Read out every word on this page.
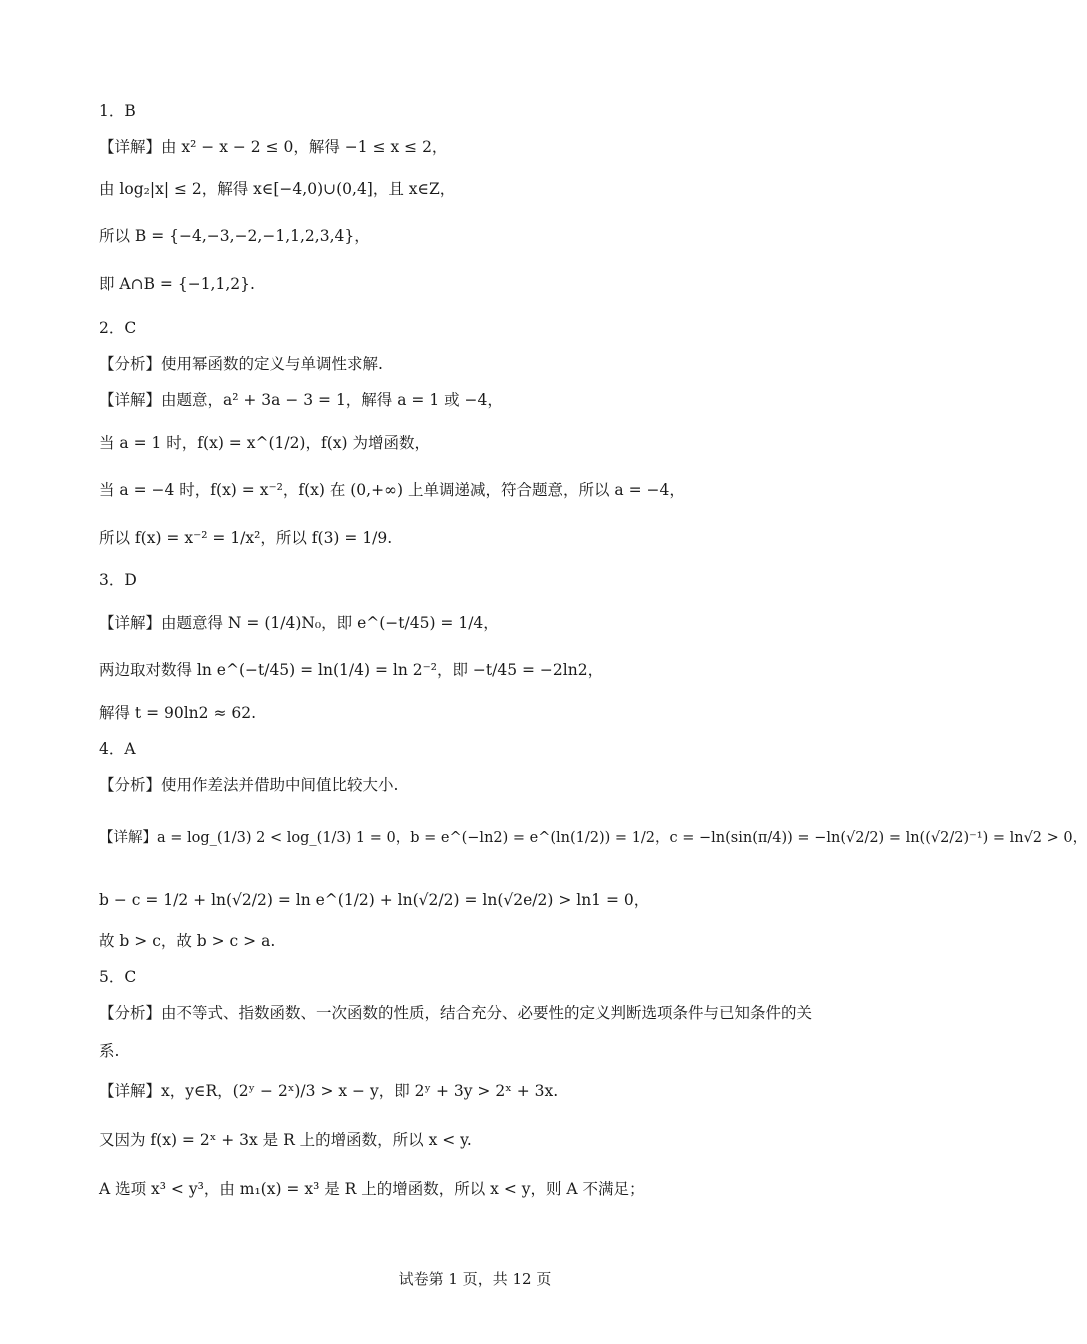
1．B
【详解】由 x² − x − 2 ≤ 0，解得 −1 ≤ x ≤ 2，
由 log₂|x| ≤ 2，解得 x∈[−4,0)∪(0,4]，且 x∈Z，
所以 B = {−4,−3,−2,−1,1,2,3,4}，
即 A∩B = {−1,1,2}.
2．C
【分析】使用幂函数的定义与单调性求解.
【详解】由题意，a² + 3a − 3 = 1，解得 a = 1 或 −4，
当 a = 1 时，f(x) = x^(1/2)，f(x) 为增函数，
当 a = −4 时，f(x) = x⁻²，f(x) 在 (0,+∞) 上单调递减，符合题意，所以 a = −4，
所以 f(x) = x⁻² = 1/x²，所以 f(3) = 1/9.
3．D
【详解】由题意得 N = (1/4)N₀，即 e^(−t/45) = 1/4，
两边取对数得 ln e^(−t/45) = ln(1/4) = ln 2⁻²，即 −t/45 = −2ln2，
解得 t = 90ln2 ≈ 62.
4．A
【分析】使用作差法并借助中间值比较大小.
【详解】a = log_(1/3) 2 < log_(1/3) 1 = 0，b = e^(−ln2) = e^(ln(1/2)) = 1/2，c = −ln(sin(π/4)) = −ln(√2/2) = ln((√2/2)⁻¹) = ln√2 > 0，
b − c = 1/2 + ln(√2/2) = ln e^(1/2) + ln(√2/2) = ln(√2e/2) > ln1 = 0，
故 b > c，故 b > c > a.
5．C
【分析】由不等式、指数函数、一次函数的性质，结合充分、必要性的定义判断选项条件与已知条件的关
系.
【详解】x，y∈R，(2ʸ − 2ˣ)/3 > x − y，即 2ʸ + 3y > 2ˣ + 3x.
又因为 f(x) = 2ˣ + 3x 是 R 上的增函数，所以 x < y.
A 选项 x³ < y³，由 m₁(x) = x³ 是 R 上的增函数，所以 x < y，则 A 不满足；
试卷第 1 页，共 12 页
